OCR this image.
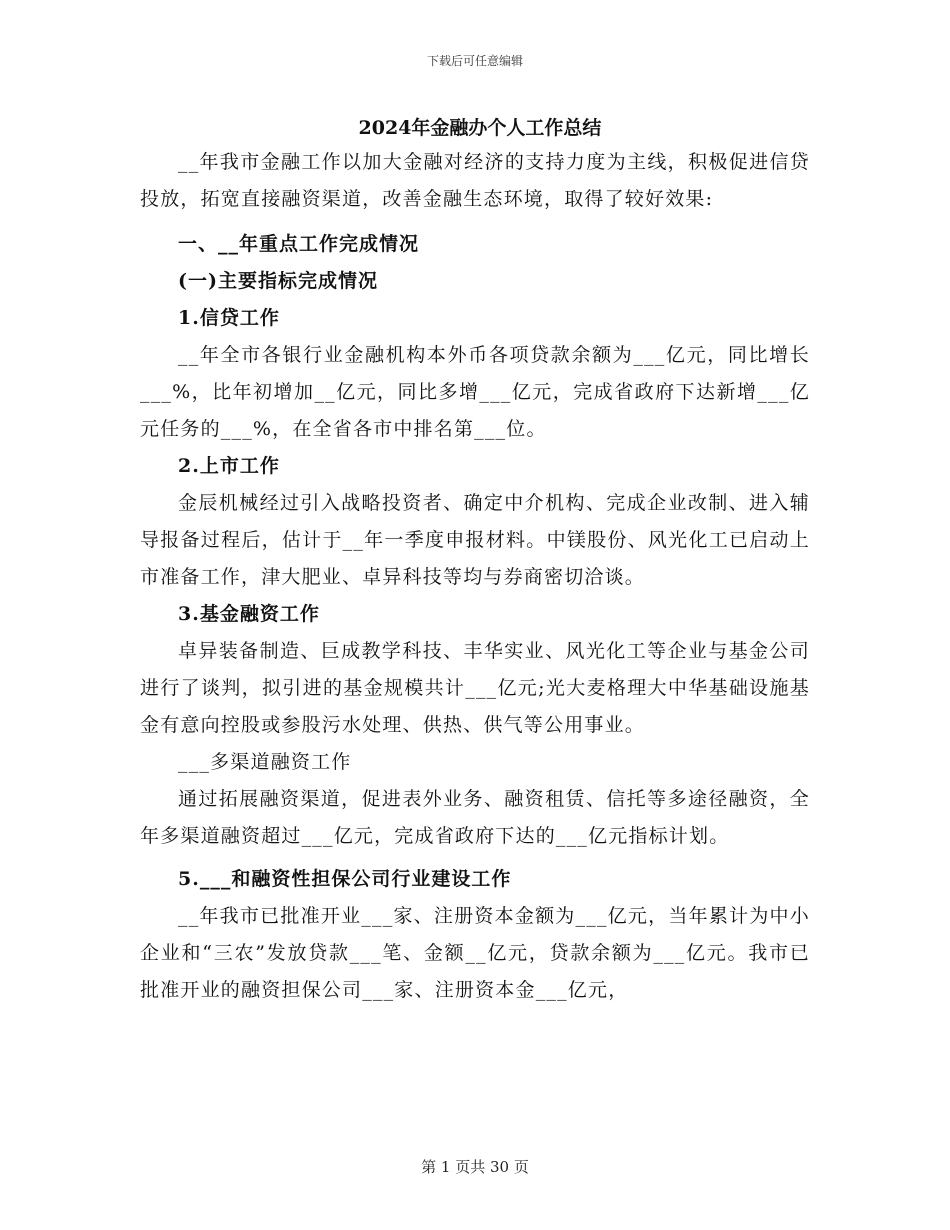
下载后可任意编辑
2024年金融办个人工作总结

__年我市金融工作以加大金融对经济的支持力度为主线，积极促进信贷投放，拓宽直接融资渠道，改善金融生态环境，取得了较好效果:

一、__年重点工作完成情况

(一)主要指标完成情况

1.信贷工作

__年全市各银行业金融机构本外币各项贷款余额为___亿元，同比增长___%，比年初增加__亿元，同比多增___亿元，完成省政府下达新增___亿元任务的___%，在全省各市中排名第___位。

2.上市工作

金辰机械经过引入战略投资者、确定中介机构、完成企业改制、进入辅导报备过程后，估计于__年一季度申报材料。中镁股份、风光化工已启动上市准备工作，津大肥业、卓异科技等均与券商密切洽谈。

3.基金融资工作

卓异装备制造、巨成教学科技、丰华实业、风光化工等企业与基金公司进行了谈判，拟引进的基金规模共计___亿元;光大麦格理大中华基础设施基金有意向控股或参股污水处理、供热、供气等公用事业。

___多渠道融资工作

通过拓展融资渠道，促进表外业务、融资租赁、信托等多途径融资，全年多渠道融资超过___亿元，完成省政府下达的___亿元指标计划。

5.___和融资性担保公司行业建设工作

__年我市已批准开业___家、注册资本金额为___亿元，当年累计为中小企业和“三农”发放贷款___笔、金额__亿元，贷款余额为___亿元。我市已批准开业的融资担保公司___家、注册资本金___亿元，

第 1 页共 30 页
